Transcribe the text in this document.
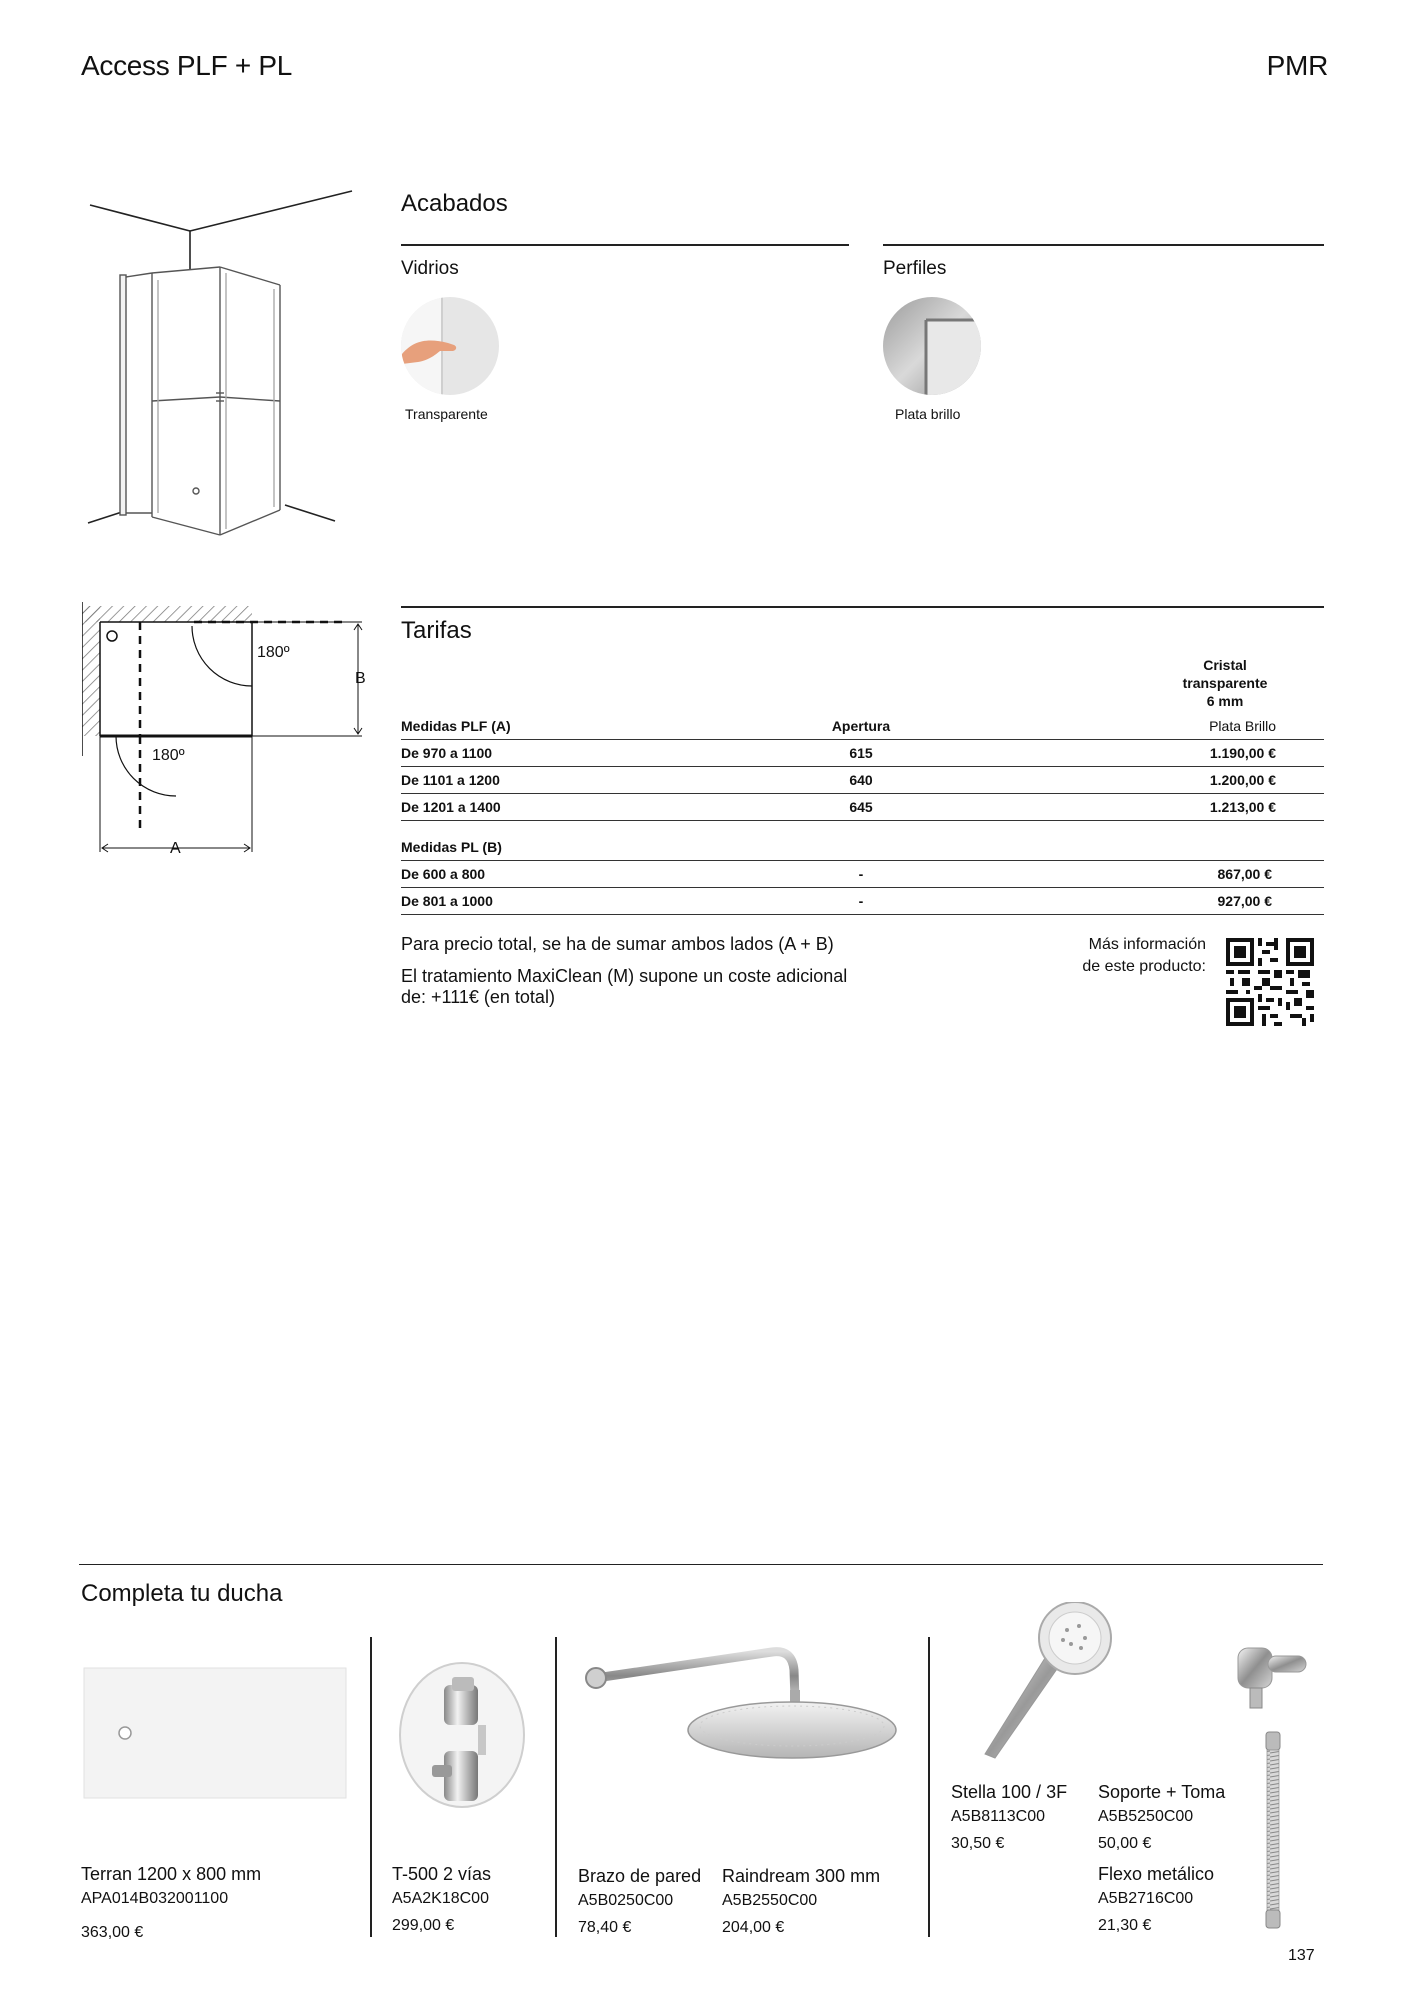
Access PLF + PL	PMR
Acabados
Vidrios
Transparente
Perfiles
Plata brillo
180º
180º
A
B
Tarifas
Cristal transparente
6 mm
Medidas PLF (A)	Apertura	Plata Brillo
De 970 a 1100	615	1.190,00 €
De 1101 a 1200	640	1.200,00 €
De 1201 a 1400	645	1.213,00 €
Medidas PL (B)
De 600 a 800	-	867,00 €
De 801 a 1000	-	927,00 €
Para precio total, se ha de sumar ambos lados (A + B)
El tratamiento MaxiClean (M) supone un coste adicional de: +111€ (en total)
Más información
de este producto:
Completa tu ducha
Terran 1200 x 800 mm
APA014B032001100
363,00 €
T-500 2 vías
A5A2K18C00
299,00 €
Brazo de pared
A5B0250C00
78,40 €
Raindream 300 mm
A5B2550C00
204,00 €
Stella 100 / 3F
A5B8113C00
30,50 €
Soporte + Toma
A5B5250C00
50,00 €
Flexo metálico
A5B2716C00
21,30 €
137
